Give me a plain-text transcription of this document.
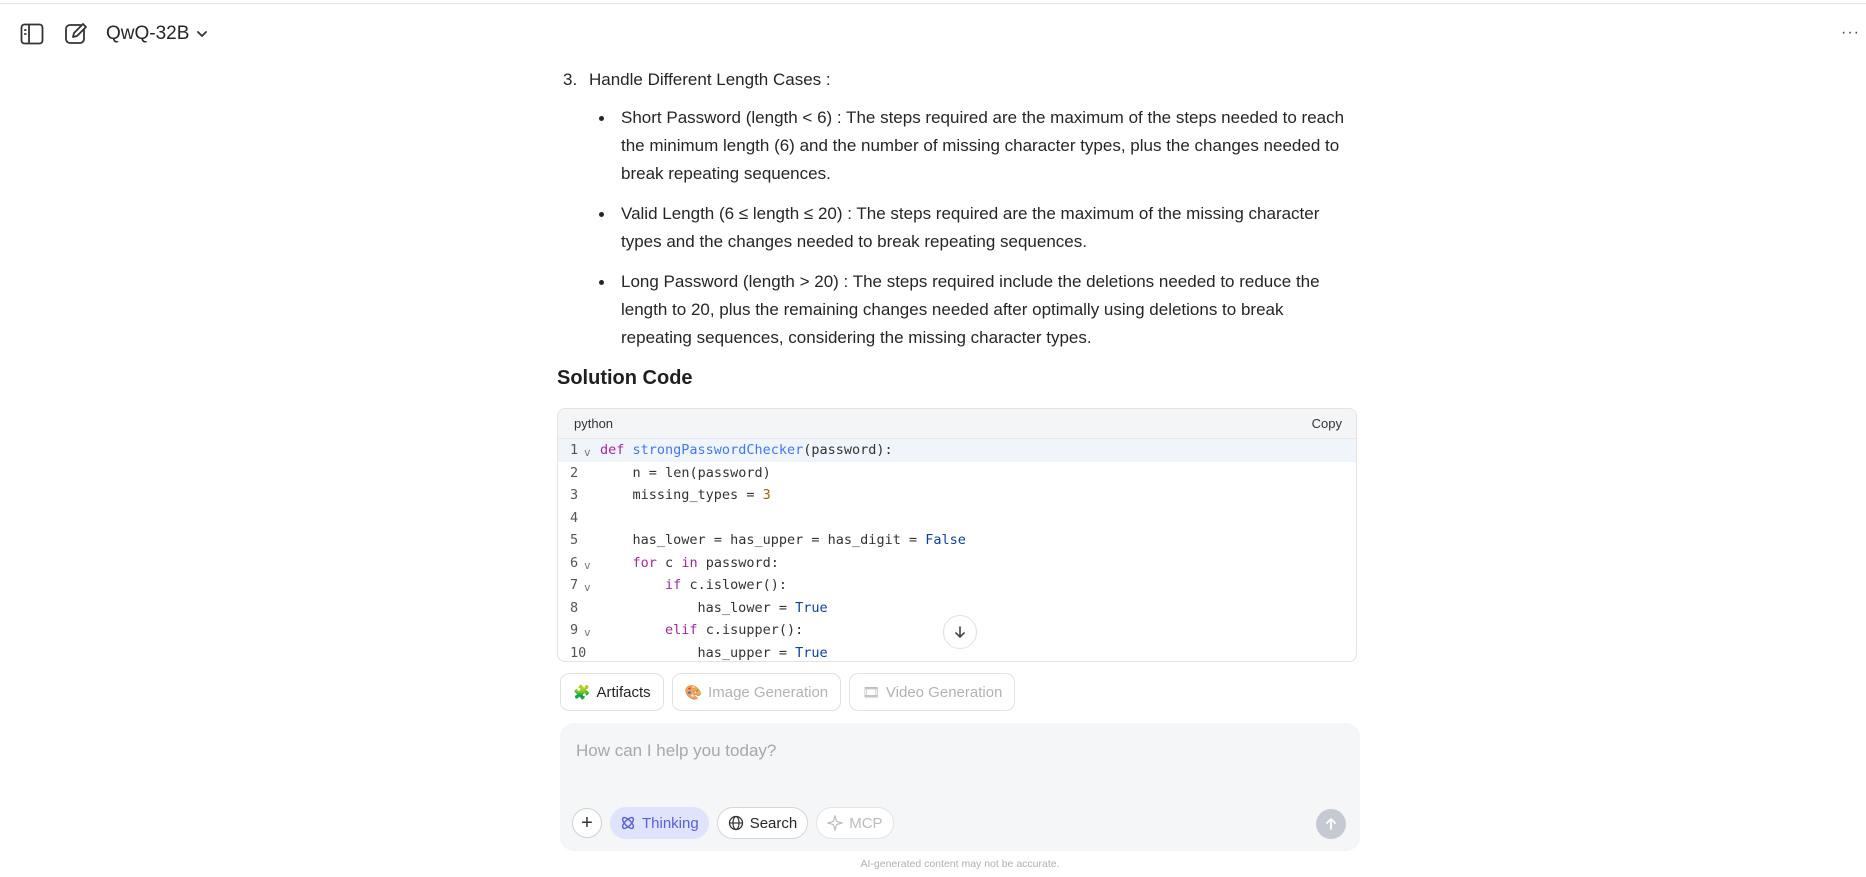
QwQ-32B	···
3. Handle Different Length Cases :
Short Password (length < 6) : The steps required are the maximum of the steps needed to reach the minimum length (6) and the number of missing character types, plus the changes needed to break repeating sequences.
Valid Length (6 ≤ length ≤ 20) : The steps required are the maximum of the missing character types and the changes needed to break repeating sequences.
Long Password (length > 20) : The steps required include the deletions needed to reduce the length to 20, plus the remaining changes needed after optimally using deletions to break repeating sequences, considering the missing character types.
Solution Code
python	Copy
1 v def strongPasswordChecker(password):
2	n = len(password)
3	missing_types = 3
4
5	has_lower = has_upper = has_digit = False
6 v	for c in password:
7 v	if c.islower():
8	has_lower = True
9 v	elif c.isupper():
10	has_upper = True
🧩 Artifacts 🎨 Image Generation 🎞 Video Generation
How can I help you today?
+	Thinking	Search	MCP
AI-generated content may not be accurate.
